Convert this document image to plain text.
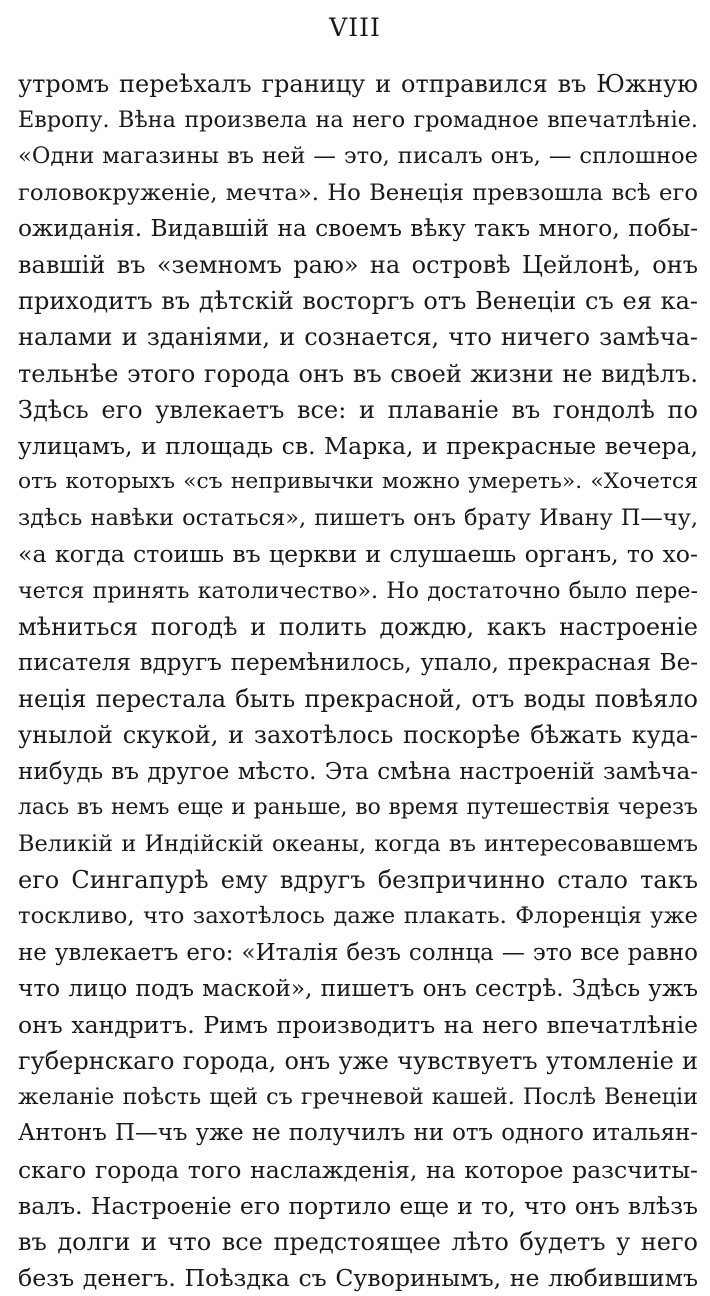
VIII
утромъ переѣхалъ границу и отправился въ Южную
Европу. Вѣна произвела на него громадное впечатлѣніе.
«Одни магазины въ ней — это, писалъ онъ, — сплошное
головокруженіе, мечта». Но Венеція превзошла всѣ его
ожиданія. Видавшій на своемъ вѣку такъ много, побы-
вавшій въ «земномъ раю» на островѣ Цейлонѣ, онъ
приходитъ въ дѣтскій восторгъ отъ Венеціи съ ея ка-
налами и зданіями, и сознается, что ничего замѣча-
тельнѣе этого города онъ въ своей жизни не видѣлъ.
Здѣсь его увлекаетъ все: и плаваніе въ гондолѣ по
улицамъ, и площадь св. Марка, и прекрасные вечера,
отъ которыхъ «съ непривычки можно умереть». «Хочется
здѣсь навѣки остаться», пишетъ онъ брату Ивану П—чу,
«а когда стоишь въ церкви и слушаешь органъ, то хо-
чется принять католичество». Но достаточно было пере-
мѣниться погодѣ и полить дождю, какъ настроеніе
писателя вдругъ перемѣнилось, упало, прекрасная Ве-
неція перестала быть прекрасной, отъ воды повѣяло
унылой скукой, и захотѣлось поскорѣе бѣжать куда-
нибудь въ другое мѣсто. Эта смѣна настроеній замѣча-
лась въ немъ еще и раньше, во время путешествія черезъ
Великій и Индійскій океаны, когда въ интересовавшемъ
его Сингапурѣ ему вдругъ безпричинно стало такъ
тоскливо, что захотѣлось даже плакать. Флоренція уже
не увлекаетъ его: «Италія безъ солнца — это все равно
что лицо подъ маской», пишетъ онъ сестрѣ. Здѣсь ужъ
онъ хандритъ. Римъ производитъ на него впечатлѣніе
губернскаго города, онъ уже чувствуетъ утомленіе и
желаніе поѣсть щей съ гречневой кашей. Послѣ Венеціи
Антонъ П—чъ уже не получилъ ни отъ одного итальян-
скаго города того наслажденія, на которое разсчиты-
валъ. Настроеніе его портило еще и то, что онъ влѣзъ
въ долги и что все предстоящее лѣто будетъ у него
безъ денегъ. Поѣздка съ Суворинымъ, не любившимъ
